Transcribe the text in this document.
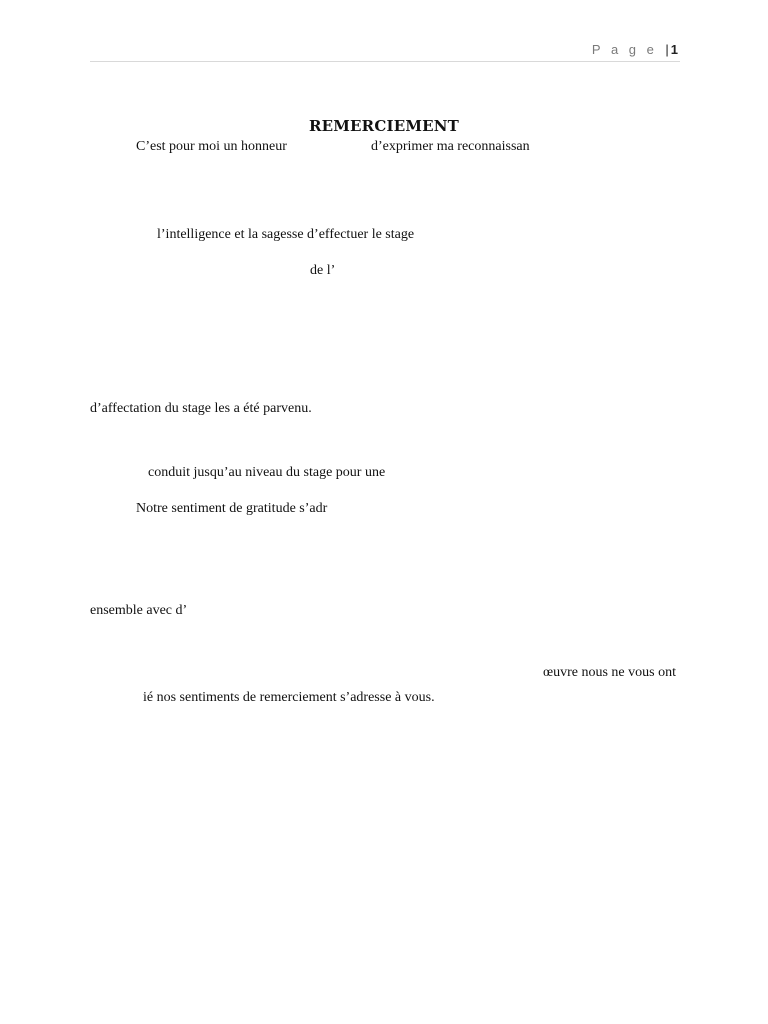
P a g e | 1
REMERCIEMENT
C’est pour moi un honneur	d’exprimer ma reconnaissan
l’intelligence et la sagesse d’effectuer le stage
de l’
d’affectation du stage les a été parvenu.
conduit jusqu’au niveau du stage pour une
Notre sentiment de gratitude s’adr
ensemble avec d’
œuvre nous ne vous ont
ié nos sentiments de remerciement s’adresse à vous.
